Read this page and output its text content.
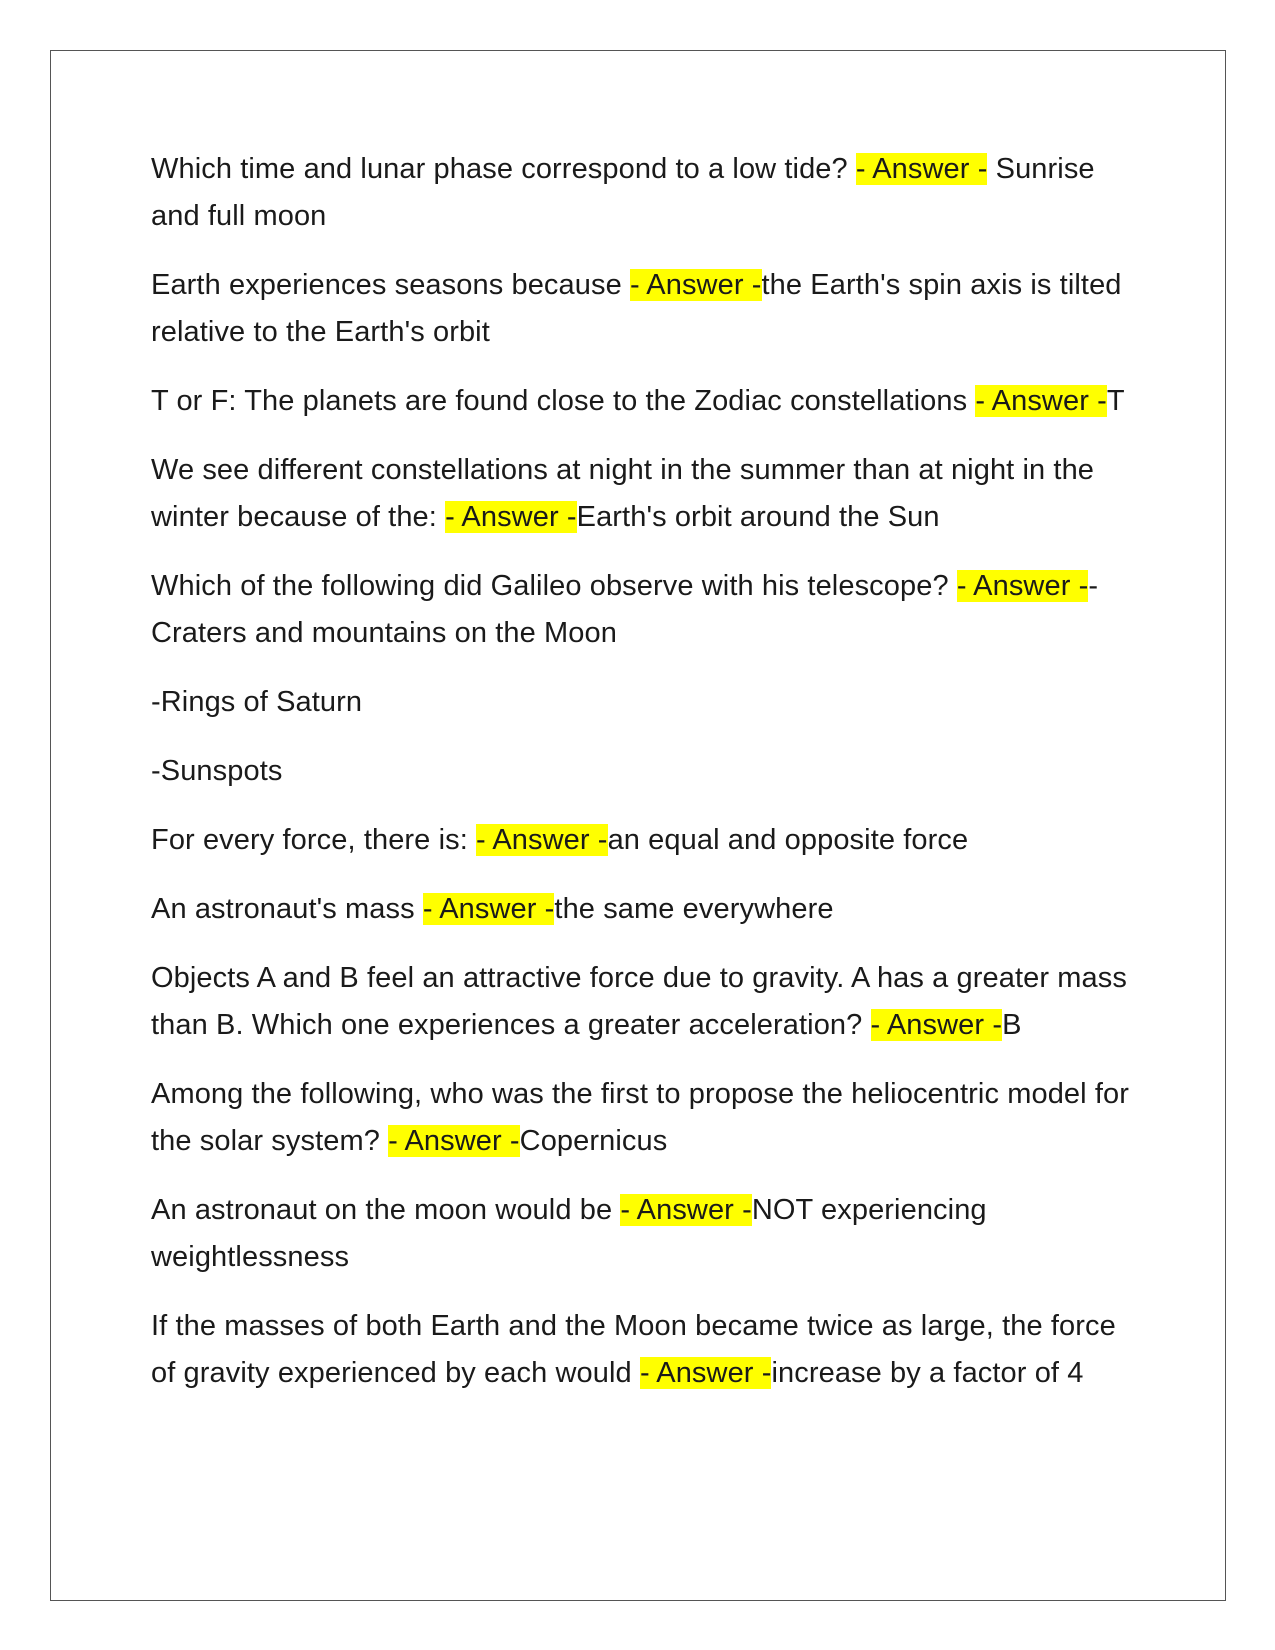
Which time and lunar phase correspond to a low tide? - Answer - Sunrise and full moon

Earth experiences seasons because - Answer -the Earth's spin axis is tilted relative to the Earth's orbit

T or F: The planets are found close to the Zodiac constellations - Answer -T

We see different constellations at night in the summer than at night in the winter because of the: - Answer -Earth's orbit around the Sun

Which of the following did Galileo observe with his telescope? - Answer --Craters and mountains on the Moon

-Rings of Saturn

-Sunspots

For every force, there is: - Answer -an equal and opposite force

An astronaut's mass - Answer -the same everywhere

Objects A and B feel an attractive force due to gravity. A has a greater mass than B. Which one experiences a greater acceleration? - Answer -B

Among the following, who was the first to propose the heliocentric model for the solar system? - Answer -Copernicus

An astronaut on the moon would be - Answer -NOT experiencing weightlessness

If the masses of both Earth and the Moon became twice as large, the force of gravity experienced by each would - Answer -increase by a factor of 4
